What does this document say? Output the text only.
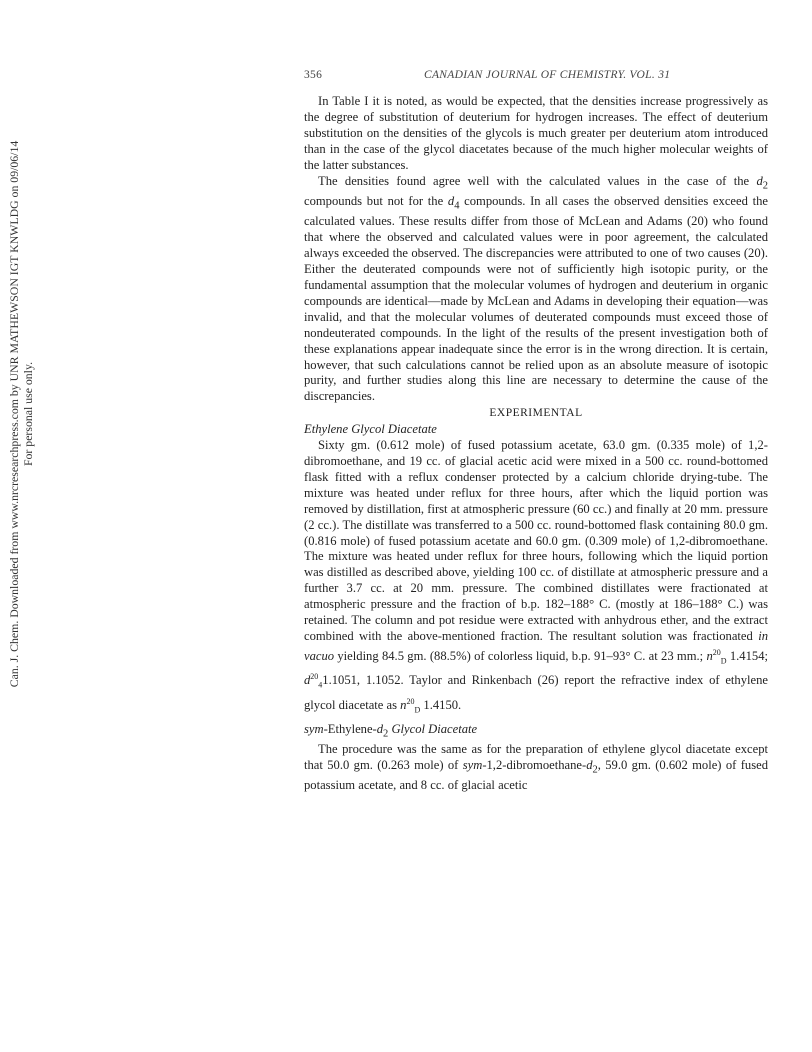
Can. J. Chem. Downloaded from www.nrcresearchpress.com by UNR MATHEWSON IGT KNWLDG on 09/06/14 For personal use only.
356	CANADIAN JOURNAL OF CHEMISTRY. VOL. 31

In Table I it is noted, as would be expected, that the densities increase progressively as the degree of substitution of deuterium for hydrogen increases. The effect of deuterium substitution on the densities of the glycols is much greater per deuterium atom introduced than in the case of the glycol diacetates because of the much higher molecular weights of the latter substances.

The densities found agree well with the calculated values in the case of the $d_2$ compounds but not for the $d_4$ compounds. In all cases the observed densities exceed the calculated values. These results differ from those of McLean and Adams (20) who found that where the observed and calculated values were in poor agreement, the calculated always exceeded the observed. The discrepancies were attributed to one of two causes (20). Either the deuterated compounds were not of sufficiently high isotopic purity, or the fundamental assumption that the molecular volumes of hydrogen and deuterium in organic compounds are identical—made by McLean and Adams in developing their equation—was invalid, and that the molecular volumes of deuterated compounds must exceed those of nondeuterated compounds. In the light of the results of the present investigation both of these explanations appear inadequate since the error is in the wrong direction. It is certain, however, that such calculations cannot be relied upon as an absolute measure of isotopic purity, and further studies along this line are necessary to determine the cause of the discrepancies.

EXPERIMENTAL
Ethylene Glycol Diacetate

Sixty gm. (0.612 mole) of fused potassium acetate, 63.0 gm. (0.335 mole) of 1,2-dibromoethane, and 19 cc. of glacial acetic acid were mixed in a 500 cc. round-bottomed flask fitted with a reflux condenser protected by a calcium chloride drying-tube. The mixture was heated under reflux for three hours, after which the liquid portion was removed by distillation, first at atmospheric pressure (60 cc.) and finally at 20 mm. pressure (2 cc.). The distillate was transferred to a 500 cc. round-bottomed flask containing 80.0 gm. (0.816 mole) of fused potassium acetate and 60.0 gm. (0.309 mole) of 1,2-dibromoethane. The mixture was heated under reflux for three hours, following which the liquid portion was distilled as described above, yielding 100 cc. of distillate at atmospheric pressure and a further 3.7 cc. at 20 mm. pressure. The combined distillates were fractionated at atmospheric pressure and the fraction of b.p. 182–188° C. (mostly at 186–188° C.) was retained. The column and pot residue were extracted with anhydrous ether, and the extract combined with the above-mentioned fraction. The resultant solution was fractionated in vacuo yielding 84.5 gm. (88.5%) of colorless liquid, b.p. 91–93° C. at 23 mm.; $n^{20}_D$ 1.4154; $d^{20}_41.1051$, 1.1052. Taylor and Rinkenbach (26) report the refractive index of ethylene glycol diacetate as $n^{20}_D$ 1.4150.

sym-$Ethylene-d_2$ Glycol Diacetate

The procedure was the same as for the preparation of ethylene glycol diacetate except that 50.0 gm. (0.263 mole) of sym-$1,2-dibromoethane-d_2$, 59.0 gm. (0.602 mole) of fused potassium acetate, and 8 cc. of glacial acetic
